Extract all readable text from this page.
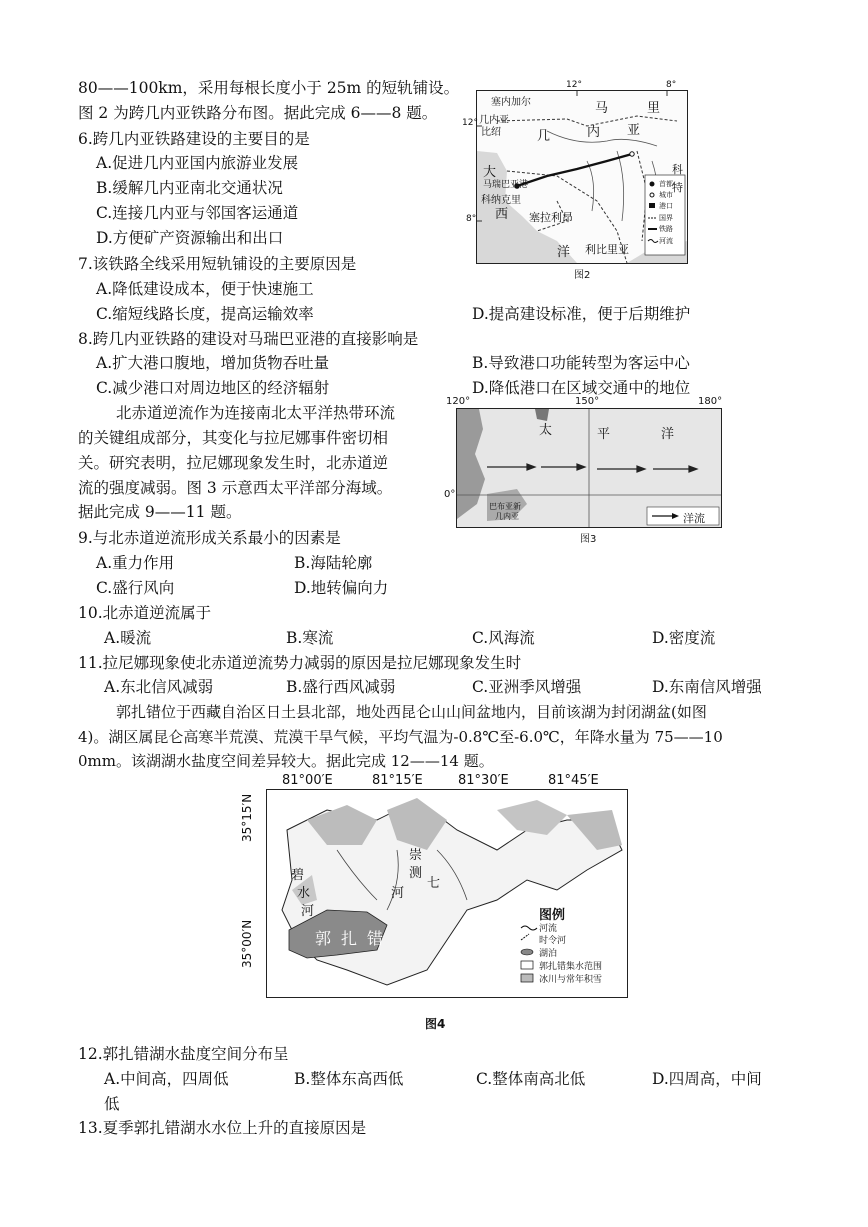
80——100km，采用每根长度小于 25m 的短轨铺设。
图 2 为跨几内亚铁路分布图。据此完成 6——8 题。
6.跨几内亚铁路建设的主要目的是
A.促进几内亚国内旅游业发展
B.缓解几内亚南北交通状况
C.连接几内亚与邻国客运通道
D.方便矿产资源输出和出口
7.该铁路全线采用短轨铺设的主要原因是
A.降低建设成本，便于快速施工
C.缩短线路长度，提高运输效率	D.提高建设标准，便于后期维护
8.跨几内亚铁路的建设对马瑞巴亚港的直接影响是
A.扩大港口腹地，增加货物吞吐量	B.导致港口功能转型为客运中心
C.减少港口对周边地区的经济辐射	D.降低港口在区域交通中的地位
北赤道逆流作为连接南北太平洋热带环流
的关键组成部分，其变化与拉尼娜事件密切相
关。研究表明，拉尼娜现象发生时，北赤道逆
流的强度减弱。图 3 示意西太平洋部分海域。
据此完成 9——11 题。
9.与北赤道逆流形成关系最小的因素是
A.重力作用	B.海陆轮廓
C.盛行风向	D.地转偏向力
10.北赤道逆流属于
A.暖流	B.寒流	C.风海流	D.密度流
11.拉尼娜现象使北赤道逆流势力减弱的原因是拉尼娜现象发生时
A.东北信风减弱	B.盛行西风减弱	C.亚洲季风增强	D.东南信风增强
郭扎错位于西藏自治区日土县北部，地处西昆仑山山间盆地内，目前该湖为封闭湖盆(如图
4)。湖区属昆仑高寒半荒漠、荒漠干旱气候，平均气温为-0.8℃至-6.0℃，年降水量为 75——10
0mm。该湖湖水盐度空间差异较大。据此完成 12——14 题。
12.郭扎错湖水盐度空间分布呈
A.中间高，四周低	B.整体东高西低	C.整体南高北低	D.四周高，中间
低
13.夏季郭扎错湖水水位上升的直接原因是
塞内加尔	马	里
几内亚
比绍	几	内 亚
大
西
洋
马瑞巴亚港
科纳克里
塞拉利昂
利比里亚
科
特
首都
城市
港口
国界
铁路
河流
12°	8°
12°
8°
图2
太	平	洋
巴布亚新
几内亚	洋流
120°	150°	180°
0°
图3
81°00′E	81°15′E	81°30′E	81°45′E
35°15′N
35°00′N	郭 扎 错
崇
测
七
碧
水
河
河
图例
河流
时令河
湖泊
郭扎错集水范围
冰川与常年积雪
图4
